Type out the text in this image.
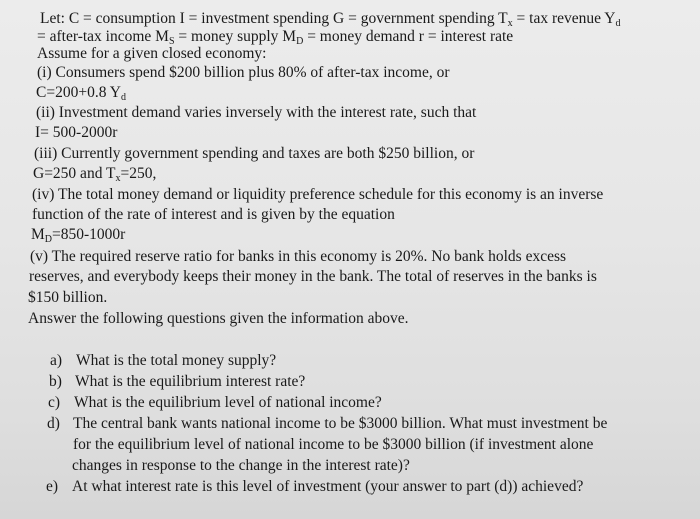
Let: C = consumption I = investment spending G = government spending $T_x$ = tax revenue $Y_d$
= after-tax income $M_S$ = money supply $M_D$ = money demand r = interest rate
Assume for a given closed economy:
(i) Consumers spend $200 billion plus 80% of after-tax income, or
C=200+0.8 $Y_d$
(ii) Investment demand varies inversely with the interest rate, such that
I= 500-2000r
(iii) Currently government spending and taxes are both $250 billion, or
G=250 and $T_x=250$,
(iv) The total money demand or liquidity preference schedule for this economy is an inverse
function of the rate of interest and is given by the equation
$M_D=850-1000r$
(v) The required reserve ratio for banks in this economy is 20%. No bank holds excess
reserves, and everybody keeps their money in the bank. The total of reserves in the banks is
$150 billion.
Answer the following questions given the information above.
a) What is the total money supply?
b) What is the equilibrium interest rate?
c) What is the equilibrium level of national income?
d) The central bank wants national income to be $3000 billion. What must investment be
for the equilibrium level of national income to be $3000 billion (if investment alone
changes in response to the change in the interest rate)?
e) At what interest rate is this level of investment (your answer to part (d)) achieved?
